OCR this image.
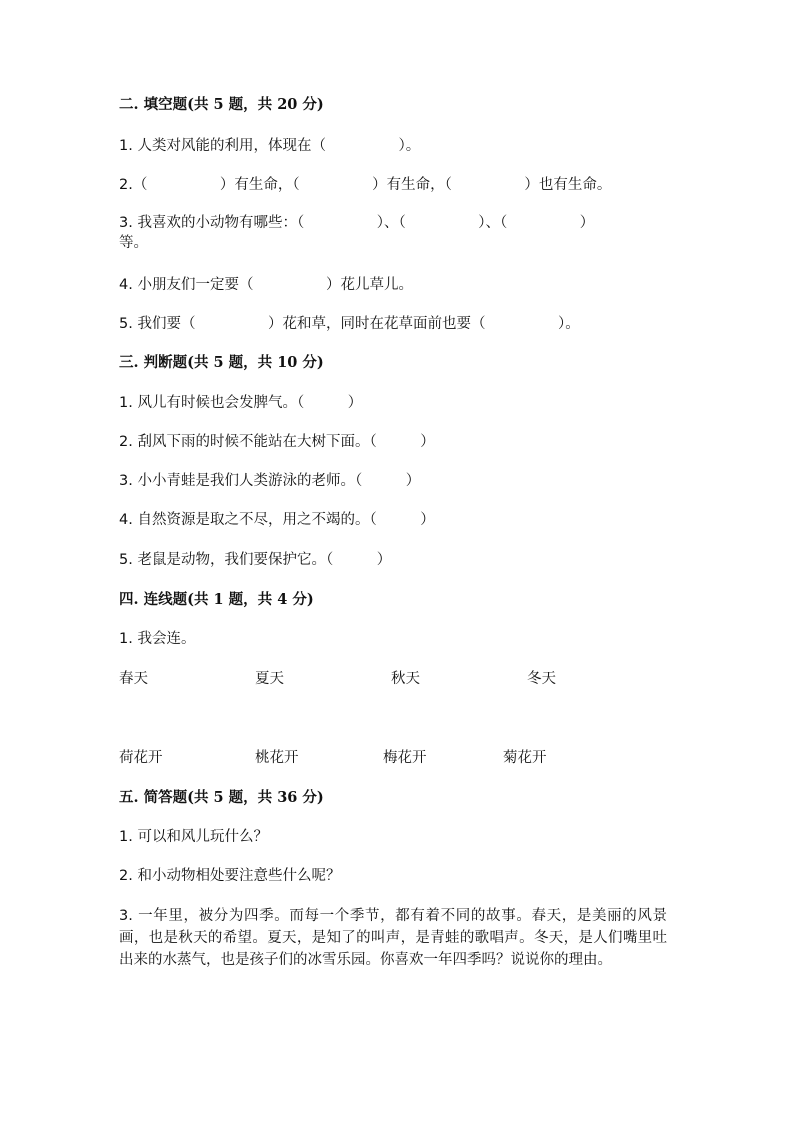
二. 填空题(共 5 题，共 20 分)

1. 人类对风能的利用，体现在（　　　　　）。

2.（　　　　　）有生命，（　　　　　）有生命，（　　　　　）也有生命。

3. 我喜欢的小动物有哪些：（　　　　　）、（　　　　　）、（　　　　　）

等。

4. 小朋友们一定要（　　　　　）花儿草儿。

5. 我们要（　　　　　）花和草，同时在花草面前也要（　　　　　）。

三. 判断题(共 5 题，共 10 分)

1. 风儿有时候也会发脾气。（　　　）

2. 刮风下雨的时候不能站在大树下面。（　　　）

3. 小小青蛙是我们人类游泳的老师。（　　　）

4. 自然资源是取之不尽，用之不竭的。（　　　）

5. 老鼠是动物，我们要保护它。（　　　）

四. 连线题(共 1 题，共 4 分)

1. 我会连。

春天	夏天	秋天	冬天
荷花开	桃花开	梅花开	菊花开

五. 简答题(共 5 题，共 36 分)

1. 可以和风儿玩什么？

2. 和小动物相处要注意些什么呢？

3. 一年里，被分为四季。而每一个季节，都有着不同的故事。春天，是美丽的风景画，也是秋天的希望。夏天，是知了的叫声，是青蛙的歌唱声。冬天，是人们嘴里吐出来的水蒸气，也是孩子们的冰雪乐园。你喜欢一年四季吗？说说你的理由。
